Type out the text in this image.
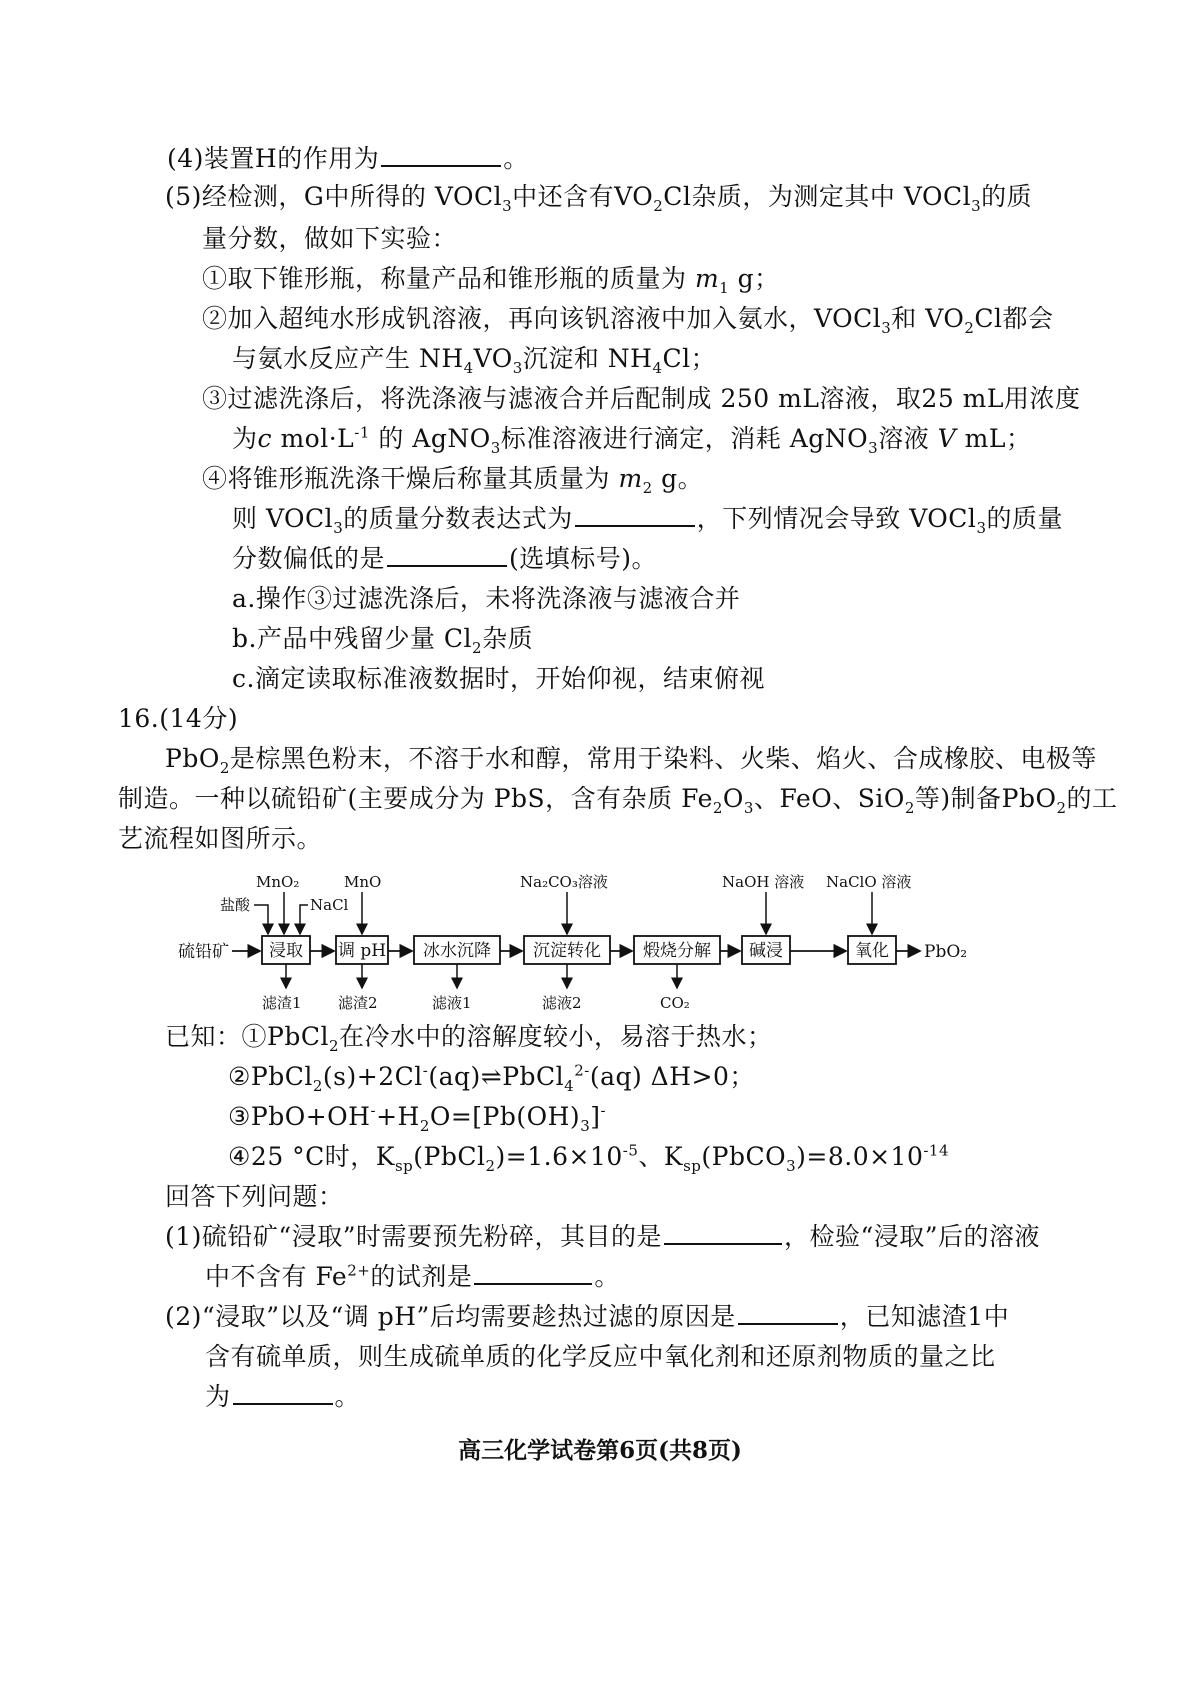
(4)装置H的作用为	。
(5)经检测，G中所得的 VOCl$_3$中还含有$VO_2Cl$杂质，为测定其中 VOCl$_3$的质
量分数，做如下实验：
①取下锥形瓶，称量产品和锥形瓶的质量为 $m_1$ g；
②加入超纯水形成钒溶液，再向该钒溶液中加入氨水，VOCl$_3$和 $VO_2Cl$都会
与氨水反应产生 $NH_4VO_3$沉淀和 $NH_4Cl$；
③过滤洗涤后，将洗涤液与滤液合并后配制成 250 mL溶液，取25 mL用浓度
为c $mol\cdot L^{-1}$ 的 AgNO$_3$标准溶液进行滴定，消耗 AgNO$_3$溶液 V mL；
④将锥形瓶洗涤干燥后称量其质量为 $m_2$ g。
则 VOCl$_3$的质量分数表达式为	，下列情况会导致 VOCl$_3$的质量
分数偏低的是	(选填标号)。
a.操作③过滤洗涤后，未将洗涤液与滤液合并
b.产品中残留少量 $Cl_2$杂质
c.滴定读取标准液数据时，开始仰视，结束俯视
16.(14分)
PbO$_2$是棕黑色粉末，不溶于水和醇，常用于染料、火柴、焰火、合成橡胶、电极等
制造。一种以硫铅矿(主要成分为 PbS，含有杂质 $Fe_2O_3$、FeO、SiO$_2$等)制备PbO$_2$的工
艺流程如图所示。
硫铅矿 浸取 调 pH 冰水沉降 沉淀转化 煅烧分解 碱浸	氧化 PbO₂
MnO₂
盐酸	NaCl
MnO	Na₂CO₃溶液	NaOH 溶液 NaClO 溶液
滤渣1 滤渣2	滤液1	滤液2	CO₂
已知：①PbCl$_2$在冷水中的溶解度较小，易溶于热水；
②PbCl$_2$(s)+2Cl-(aq)⇌PbCl$_4^{2-}$(aq) ΔH>0；
$③PbO+OH^-+H_2O=[Pb(OH)_3]^-$
④25 °C时，$K_{sp}(PbCl_2)=1.6\times 10^{-5}$、$K_{sp}(PbCO_3)=8.0\times 10^{-14}$
回答下列问题：
(1)硫铅矿“浸取”时需要预先粉碎，其目的是	，检验“浸取”后的溶液
中不含有 $Fe^{2+}$的试剂是	。
(2)“浸取”以及“调 pH”后均需要趁热过滤的原因是	，已知滤渣1中
含有硫单质，则生成硫单质的化学反应中氧化剂和还原剂物质的量之比
为	。
高三化学试卷第6页(共8页)
